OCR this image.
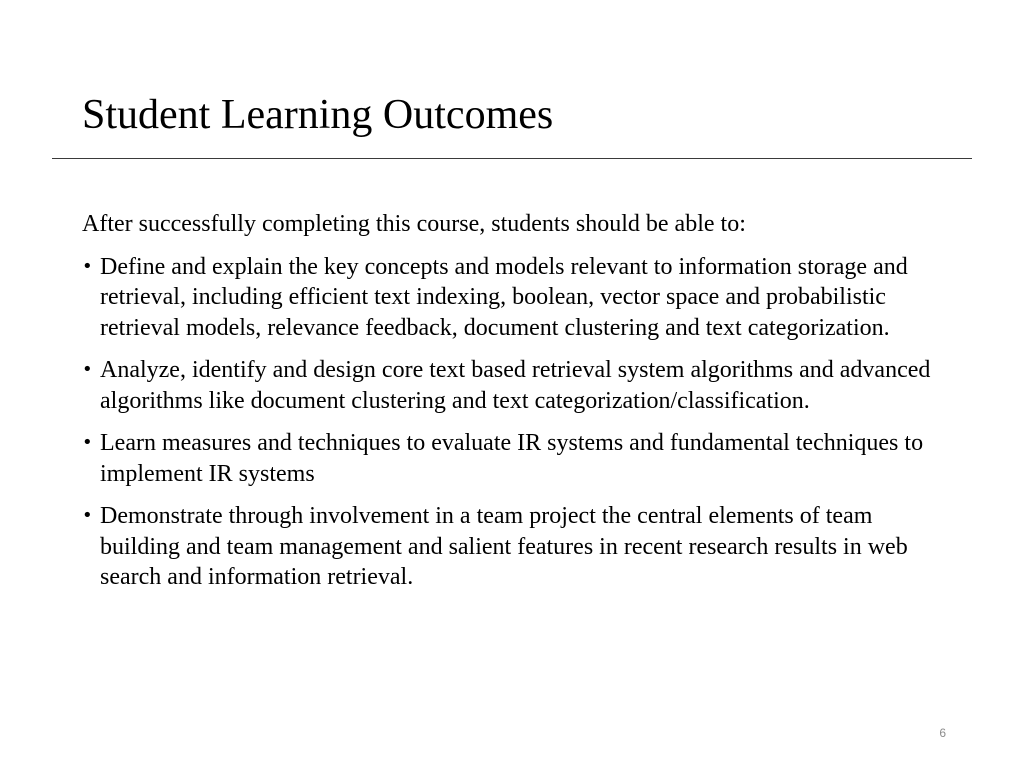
Student Learning Outcomes

After successfully completing this course, students should be able to:

• Define and explain the key concepts and models relevant to information storage and retrieval, including efficient text indexing, boolean, vector space and probabilistic retrieval models, relevance feedback, document clustering and text categorization.
• Analyze, identify and design core text based retrieval system algorithms and advanced algorithms like document clustering and text categorization/classification.
• Learn measures and techniques to evaluate IR systems and fundamental techniques to implement IR systems
• Demonstrate through involvement in a team project the central elements of team building and team management and salient features in recent research results in web search and information retrieval.
6
